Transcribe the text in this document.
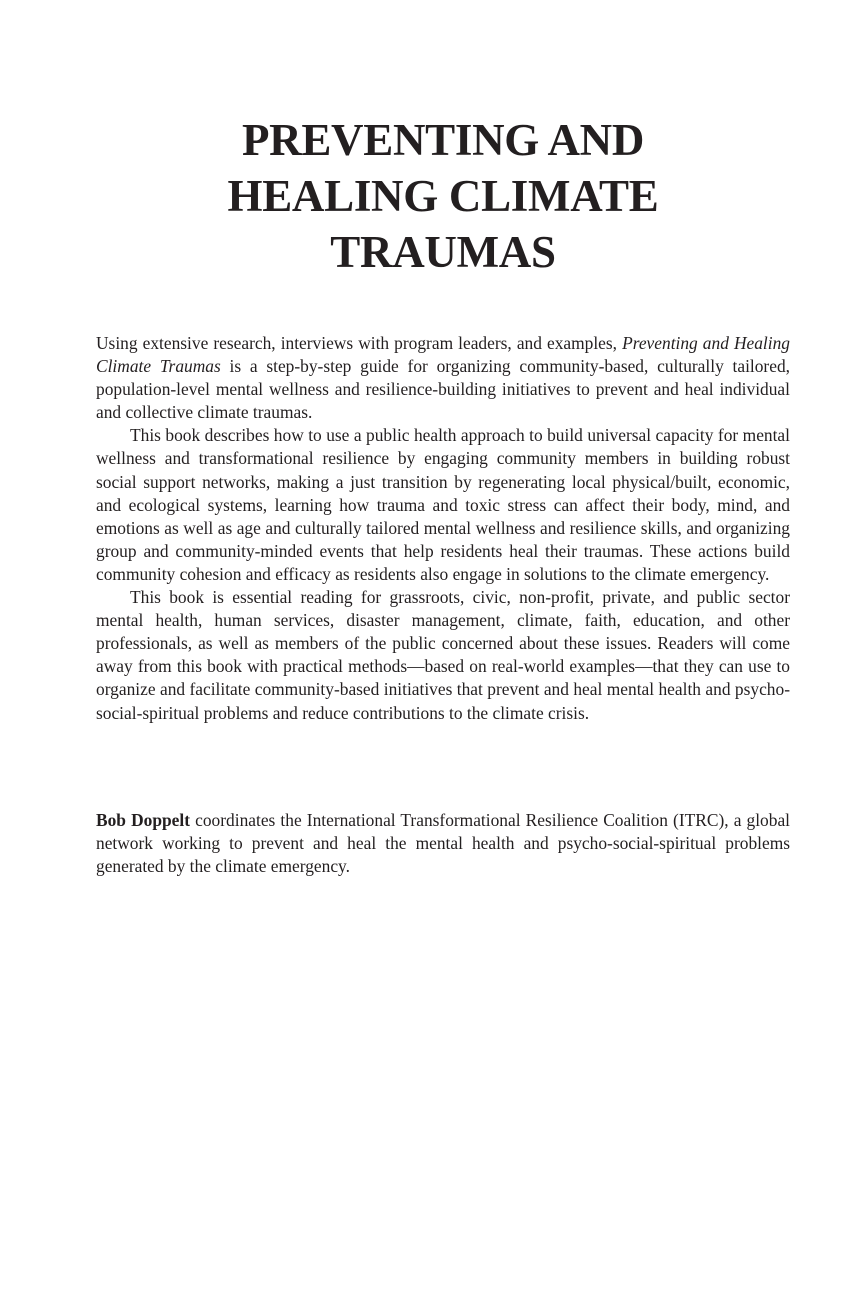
PREVENTING AND
HEALING CLIMATE
TRAUMAS

Using extensive research, interviews with program leaders, and examples, Preventing and Healing Climate Traumas is a step-by-step guide for organizing community-based, culturally tailored, population-level mental wellness and resilience-building initiatives to prevent and heal individual and collective climate traumas.

This book describes how to use a public health approach to build universal capacity for mental wellness and transformational resilience by engaging community members in building robust social support networks, making a just transition by regenerating local physical/built, economic, and ecological systems, learning how trauma and toxic stress can affect their body, mind, and emotions as well as age and culturally tailored mental wellness and resilience skills, and organizing group and community-minded events that help residents heal their traumas. These actions build community cohesion and efficacy as residents also engage in solutions to the climate emergency.

This book is essential reading for grassroots, civic, non-profit, private, and public sector mental health, human services, disaster management, climate, faith, education, and other professionals, as well as members of the public concerned about these issues. Readers will come away from this book with practical methods—based on real-world examples—that they can use to organize and facilitate community-based initiatives that prevent and heal mental health and psycho-social-spiritual problems and reduce contributions to the climate crisis.

Bob Doppelt coordinates the International Transformational Resilience Coalition (ITRC), a global network working to prevent and heal the mental health and psycho-social-spiritual problems generated by the climate emergency.
